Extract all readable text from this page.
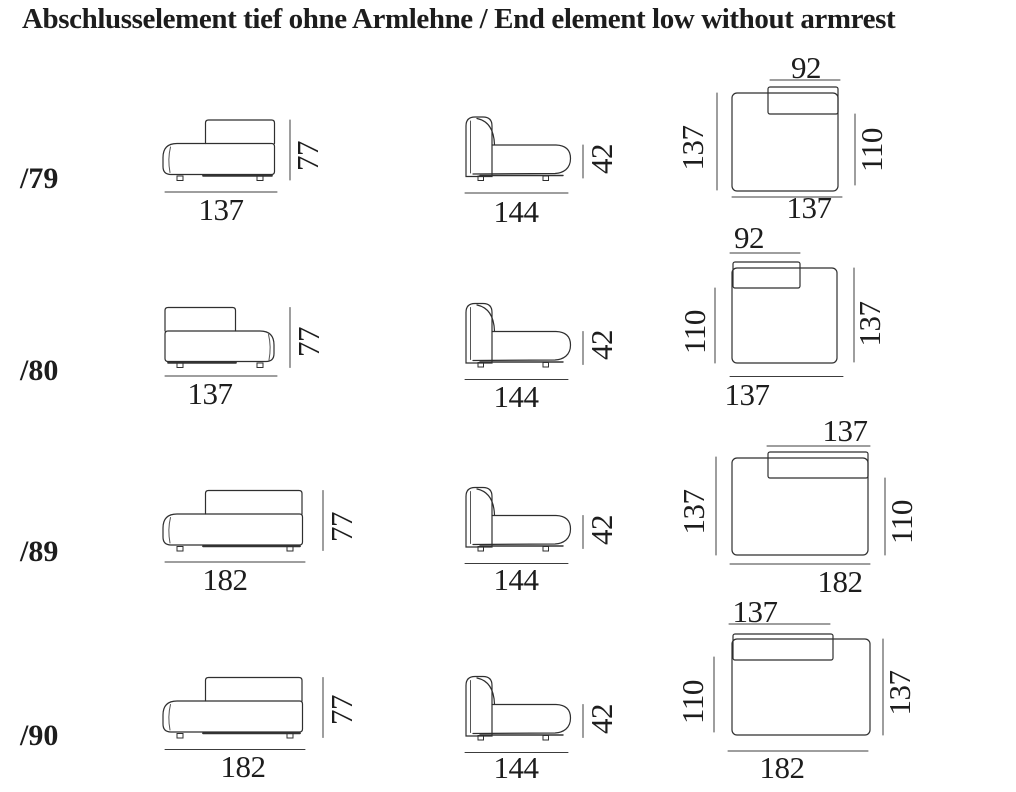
Abschlusselement tief ohne Armlehne / End element low without armrest
/79
/80
/89
/90
137
77
144
42
92
137	110
137
137
77
144
42
92
110	137
137
182
77
144
42
137
137	110
182
182
77
144
42
137
110	137
182
